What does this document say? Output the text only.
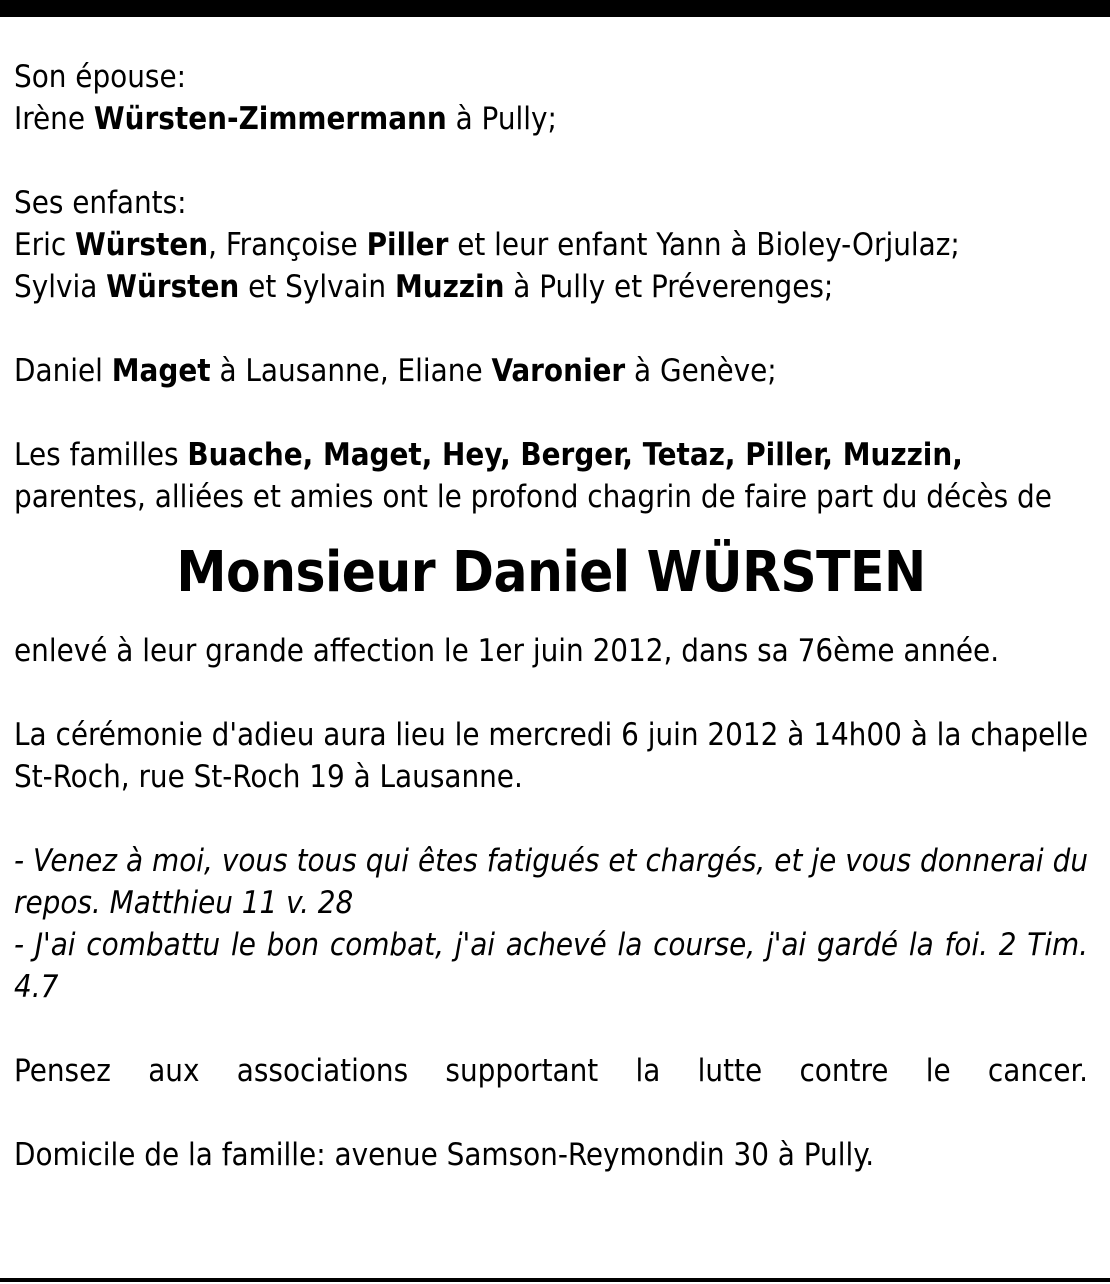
Son épouse:

Irène Würsten-Zimmermann à Pully;

Ses enfants:

Eric Würsten, Françoise Piller et leur enfant Yann à Bioley-Orjulaz;

Sylvia Würsten et Sylvain Muzzin à Pully et Préverenges;

Daniel Maget à Lausanne, Eliane Varonier à Genève;

Les familles Buache, Maget, Hey, Berger, Tetaz, Piller, Muzzin,
parentes, alliées et amies ont le profond chagrin de faire part du décès de

Monsieur Daniel WÜRSTEN

enlevé à leur grande affection le 1er juin 2012, dans sa 76ème année.

La cérémonie d'adieu aura lieu le mercredi 6 juin 2012 à 14h00 à la chapelle St-Roch, rue St-Roch 19 à Lausanne.

- Venez à moi, vous tous qui êtes fatigués et chargés, et je vous donnerai du repos. Matthieu 11 v. 28

- J'ai combattu le bon combat, j'ai achevé la course, j'ai gardé la foi. 2 Tim. 4.7

Pensez aux associations supportant la lutte contre le cancer.

Domicile de la famille: avenue Samson-Reymondin 30 à Pully.
